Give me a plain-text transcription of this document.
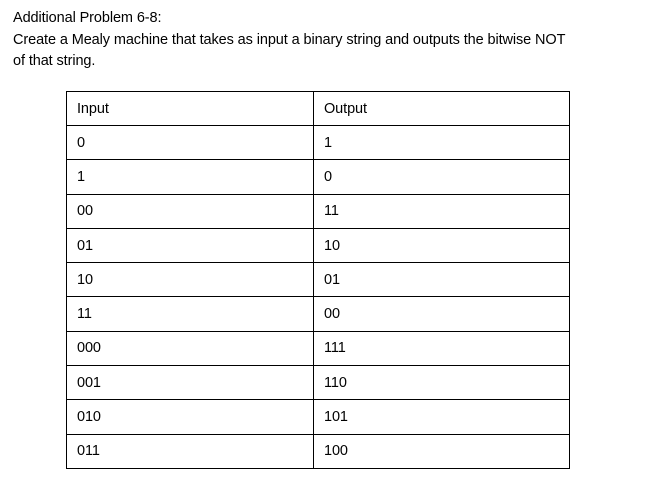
Additional Problem 6-8:
Create a Mealy machine that takes as input a binary string and outputs the bitwise NOT
of that string.
Input	Output
0	1
1	0
00	11
01	10
10	01
11	00
000	111
001	110
010	101
011	100
